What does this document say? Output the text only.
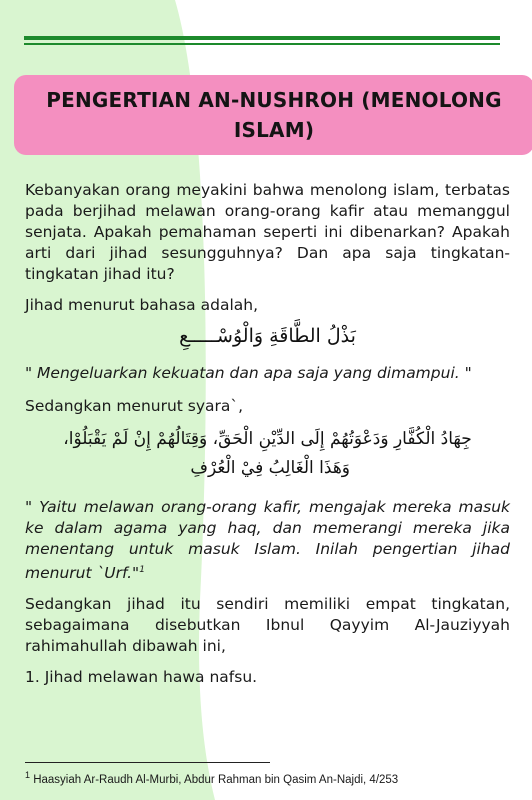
PENGERTIAN AN-NUSHROH (MENOLONG ISLAM)

Kebanyakan orang meyakini bahwa menolong islam, terbatas pada berjihad melawan orang-orang kafir atau memanggul senjata. Apakah pemahaman seperti ini dibenarkan? Apakah arti dari jihad sesungguhnya? Dan apa saja tingkatan-tingkatan jihad itu?

Jihad menurut bahasa adalah,

بَذْلُ الطَّاقَةِ وَالْوُسْـــــعِ

" Mengeluarkan kekuatan dan apa saja yang dimampui. "

Sedangkan menurut syara`,

جِهَادُ الْكُفَّارِ وَدَعْوَتُهُمْ إِلَى الدِّيْنِ الْحَقِّ، وَقِتَالُهُمْ إِنْ لَمْ يَقْبَلُوْا،

وَهَذَا الْغَالِبُ فِيْ الْعُرْفِ

" Yaitu melawan orang-orang kafir, mengajak mereka masuk ke dalam agama yang haq, dan memerangi mereka jika menentang untuk masuk Islam. Inilah pengertian jihad menurut `Urf."$^1$

Sedangkan jihad itu sendiri memiliki empat tingkatan, sebagaimana disebutkan Ibnul Qayyim Al-Jauziyyah rahimahullah dibawah ini,

1. Jihad melawan hawa nafsu.

$^1$ Haasyiah Ar-Raudh Al-Murbi, Abdur Rahman bin Qasim An-Najdi, 4/253
